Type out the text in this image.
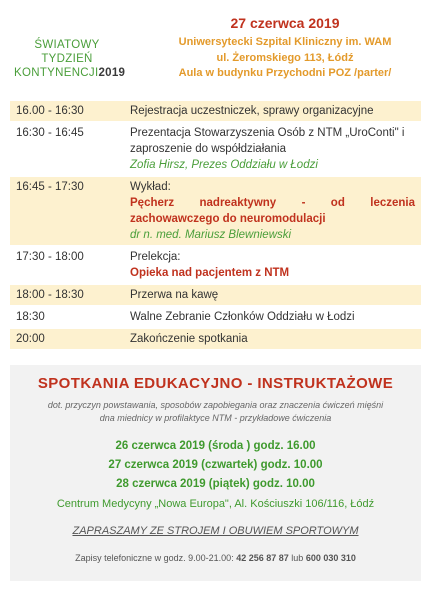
ŚWIATOWY
TYDZIEŃ
KONTYNENCJI2019
27 czerwca 2019
Uniwersytecki Szpital Kliniczny im. WAM
ul. Żeromskiego 113, Łódź
Aula w budynku Przychodni POZ /parter/
16.00 - 16:30	Rejestracja uczestniczek, sprawy organizacyjne
16:30 - 16:45	Prezentacja Stowarzyszenia Osób z NTM „UroConti" i zaproszenie do współdziałania
Zofia Hirsz, Prezes Oddziału w Łodzi

16:45 - 17:30	Wykład:
Pęcherz nadreaktywny - od leczenia zachowawczego do neuromodulacji
dr n. med. Mariusz Blewniewski

17:30 - 18:00	Prelekcja:
Opieka nad pacjentem z NTM

18:00 - 18:30	Przerwa na kawę
18:30	Walne Zebranie Członków Oddziału w Łodzi
20:00	Zakończenie spotkania
SPOTKANIA EDUKACYJNO - INSTRUKTAŻOWE
dot. przyczyn powstawania, sposobów zapobiegania oraz znaczenia ćwiczeń mięśni
dna miednicy w profilaktyce NTM - przykładowe ćwiczenia
26 czerwca 2019 (środa ) godz. 16.00
27 czerwca 2019 (czwartek) godz. 10.00
28 czerwca 2019 (piątek) godz. 10.00
Centrum Medycyny „Nowa Europa", Al. Kościuszki 106/116, Łódź
ZAPRASZAMY ZE STROJEM I OBUWIEM SPORTOWYM
Zapisy telefoniczne w godz. 9.00-21.00: 42 256 87 87 lub 600 030 310
